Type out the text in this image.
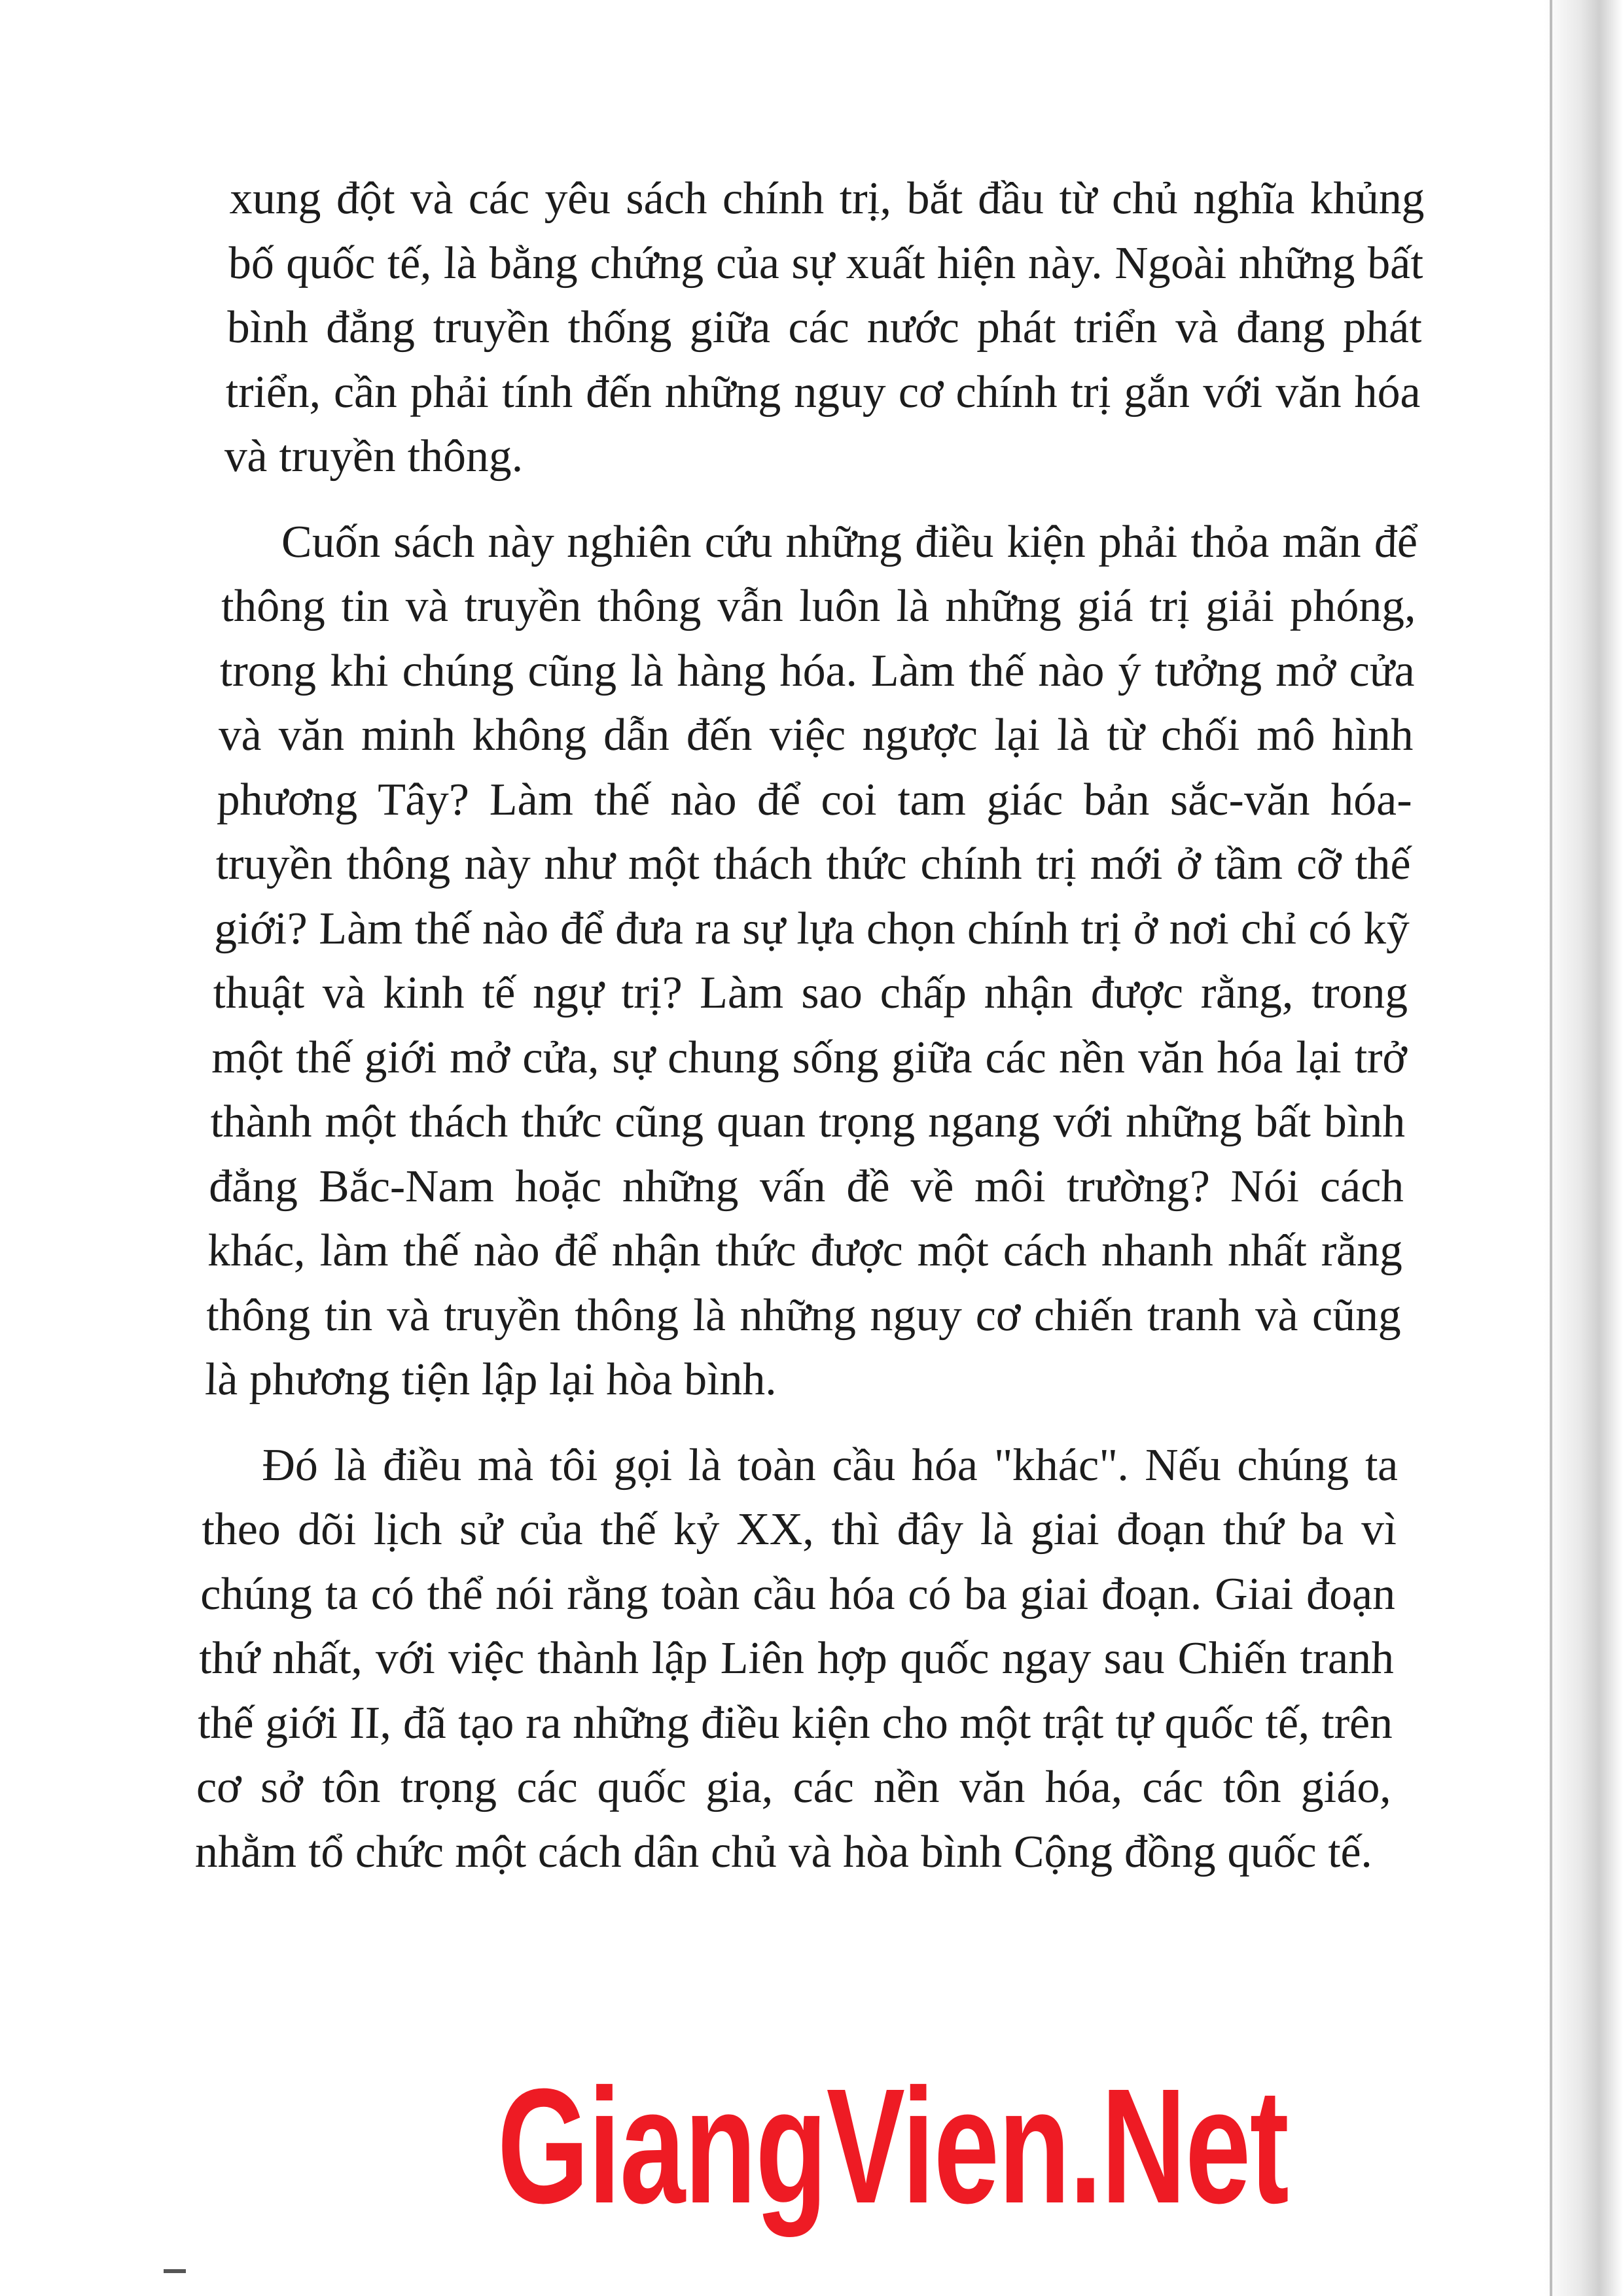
xung đột và các yêu sách chính trị, bắt đầu từ chủ nghĩa khủng bố quốc tế, là bằng chứng của sự xuất hiện này. Ngoài những bất bình đẳng truyền thống giữa các nước phát triển và đang phát triển, cần phải tính đến những nguy cơ chính trị gắn với văn hóa và truyền thông.

Cuốn sách này nghiên cứu những điều kiện phải thỏa mãn để thông tin và truyền thông vẫn luôn là những giá trị giải phóng, trong khi chúng cũng là hàng hóa. Làm thế nào ý tưởng mở cửa và văn minh không dẫn đến việc ngược lại là từ chối mô hình phương Tây? Làm thế nào để coi tam giác bản sắc-văn hóa-truyền thông này như một thách thức chính trị mới ở tầm cỡ thế giới? Làm thế nào để đưa ra sự lựa chọn chính trị ở nơi chỉ có kỹ thuật và kinh tế ngự trị? Làm sao chấp nhận được rằng, trong một thế giới mở cửa, sự chung sống giữa các nền văn hóa lại trở thành một thách thức cũng quan trọng ngang với những bất bình đẳng Bắc-Nam hoặc những vấn đề về môi trường? Nói cách khác, làm thế nào để nhận thức được một cách nhanh nhất rằng thông tin và truyền thông là những nguy cơ chiến tranh và cũng là phương tiện lập lại hòa bình.

Đó là điều mà tôi gọi là toàn cầu hóa "khác". Nếu chúng ta theo dõi lịch sử của thế kỷ XX, thì đây là giai đoạn thứ ba vì chúng ta có thể nói rằng toàn cầu hóa có ba giai đoạn. Giai đoạn thứ nhất, với việc thành lập Liên hợp quốc ngay sau Chiến tranh thế giới II, đã tạo ra những điều kiện cho một trật tự quốc tế, trên cơ sở tôn trọng các quốc gia, các nền văn hóa, các tôn giáo, nhằm tổ chức một cách dân chủ và hòa bình Cộng đồng quốc tế.

GiangVien.Net
